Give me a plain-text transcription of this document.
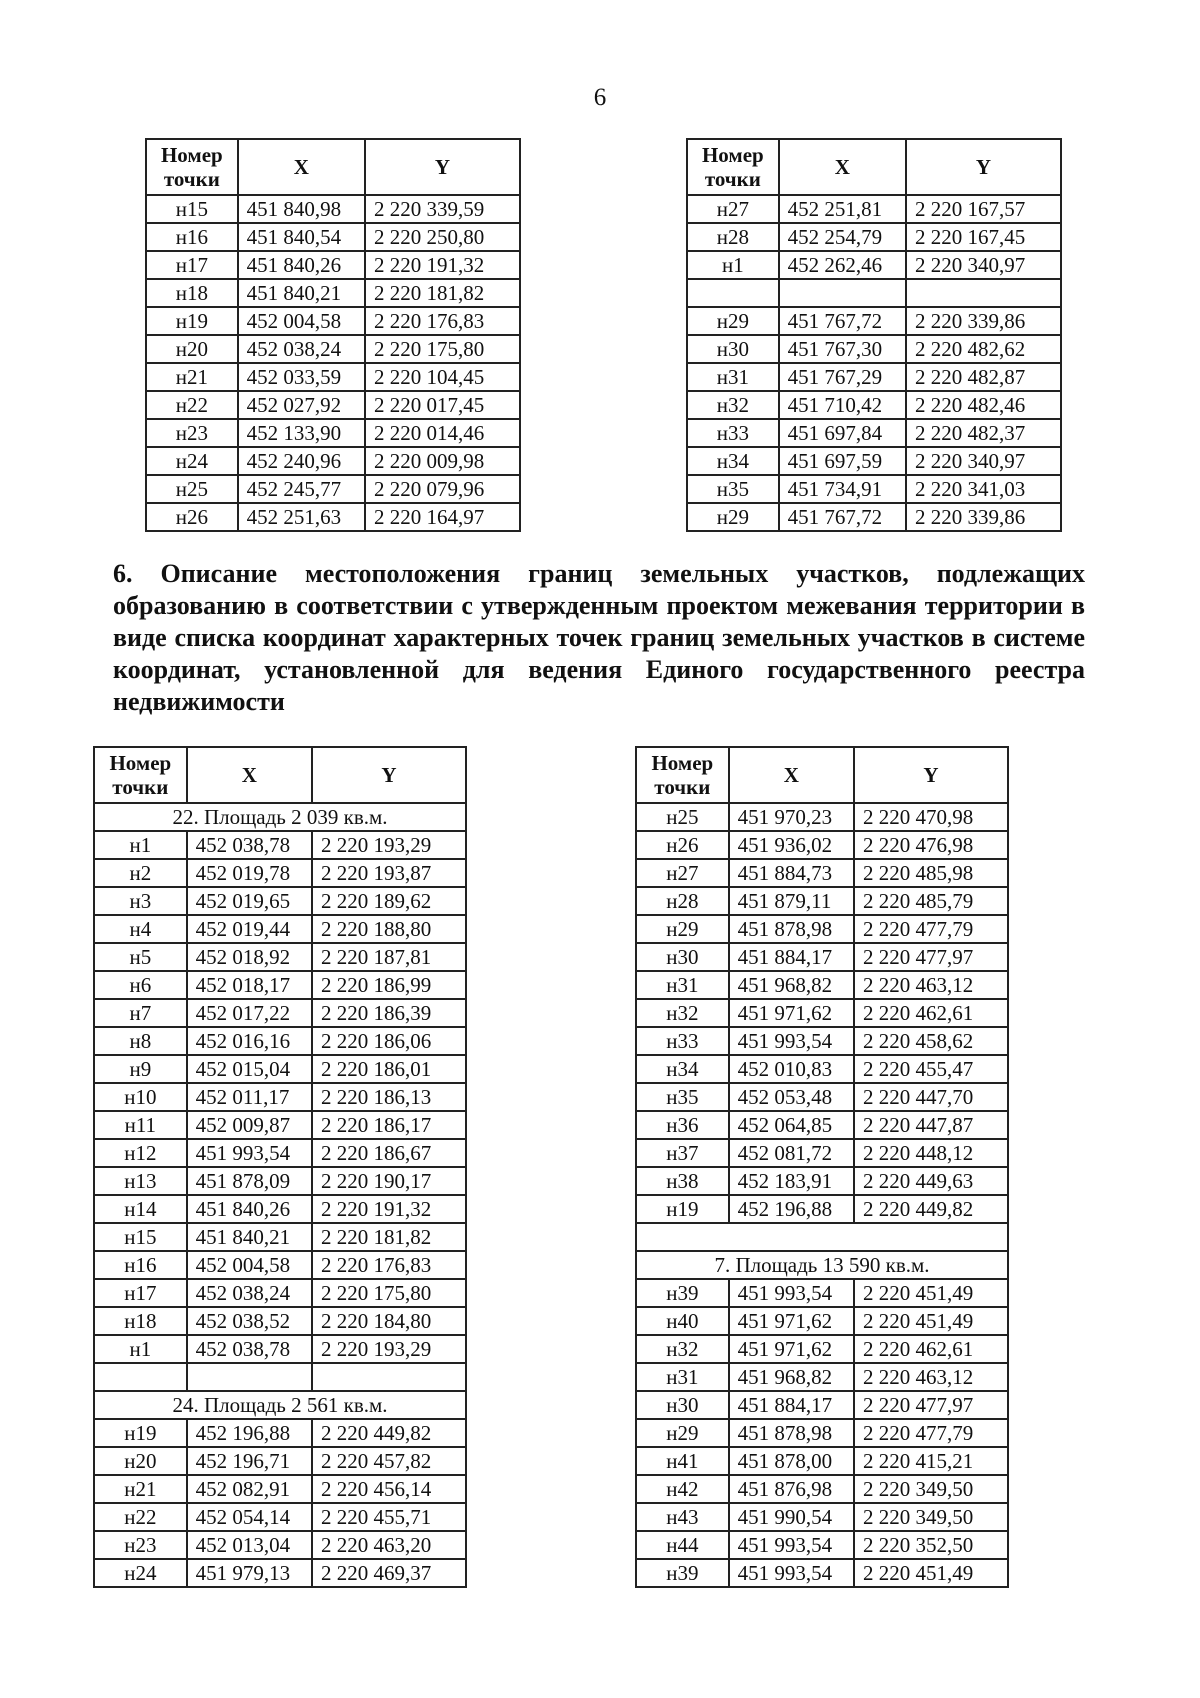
6
Номер
точки	X	Y
н15	451 840,98	2 220 339,59
н16	451 840,54	2 220 250,80
н17	451 840,26	2 220 191,32
н18	451 840,21	2 220 181,82
н19	452 004,58	2 220 176,83
н20	452 038,24	2 220 175,80
н21	452 033,59	2 220 104,45
н22	452 027,92	2 220 017,45
н23	452 133,90	2 220 014,46
н24	452 240,96	2 220 009,98
н25	452 245,77	2 220 079,96
н26	452 251,63	2 220 164,97
Номер
точки	X	Y
н27	452 251,81	2 220 167,57
н28	452 254,79	2 220 167,45
н1	452 262,46	2 220 340,97

н29	451 767,72	2 220 339,86
н30	451 767,30	2 220 482,62
н31	451 767,29	2 220 482,87
н32	451 710,42	2 220 482,46
н33	451 697,84	2 220 482,37
н34	451 697,59	2 220 340,97
н35	451 734,91	2 220 341,03
н29	451 767,72	2 220 339,86
6. Описание местоположения границ земельных участков, подлежащих образованию в соответствии с утвержденным проектом межевания территории в виде списка координат характерных точек границ земельных участков в системе координат, установленной для ведения Единого государственного реестра недвижимости
Номер
точки	X	Y
22. Площадь 2 039 кв.м.		
н1	452 038,78	2 220 193,29
н2	452 019,78	2 220 193,87
н3	452 019,65	2 220 189,62
н4	452 019,44	2 220 188,80
н5	452 018,92	2 220 187,81
н6	452 018,17	2 220 186,99
н7	452 017,22	2 220 186,39
н8	452 016,16	2 220 186,06
н9	452 015,04	2 220 186,01
н10	452 011,17	2 220 186,13
н11	452 009,87	2 220 186,17
н12	451 993,54	2 220 186,67
н13	451 878,09	2 220 190,17
н14	451 840,26	2 220 191,32
н15	451 840,21	2 220 181,82
н16	452 004,58	2 220 176,83
н17	452 038,24	2 220 175,80
н18	452 038,52	2 220 184,80
н1	452 038,78	2 220 193,29

24. Площадь 2 561 кв.м.		
н19	452 196,88	2 220 449,82
н20	452 196,71	2 220 457,82
н21	452 082,91	2 220 456,14
н22	452 054,14	2 220 455,71
н23	452 013,04	2 220 463,20
н24	451 979,13	2 220 469,37
Номер
точки	X	Y
н25	451 970,23	2 220 470,98
н26	451 936,02	2 220 476,98
н27	451 884,73	2 220 485,98
н28	451 879,11	2 220 485,79
н29	451 878,98	2 220 477,79
н30	451 884,17	2 220 477,97
н31	451 968,82	2 220 463,12
н32	451 971,62	2 220 462,61
н33	451 993,54	2 220 458,62
н34	452 010,83	2 220 455,47
н35	452 053,48	2 220 447,70
н36	452 064,85	2 220 447,87
н37	452 081,72	2 220 448,12
н38	452 183,91	2 220 449,63
н19	452 196,88	2 220 449,82

7. Площадь 13 590 кв.м.		
н39	451 993,54	2 220 451,49
н40	451 971,62	2 220 451,49
н32	451 971,62	2 220 462,61
н31	451 968,82	2 220 463,12
н30	451 884,17	2 220 477,97
н29	451 878,98	2 220 477,79
н41	451 878,00	2 220 415,21
н42	451 876,98	2 220 349,50
н43	451 990,54	2 220 349,50
н44	451 993,54	2 220 352,50
н39	451 993,54	2 220 451,49
